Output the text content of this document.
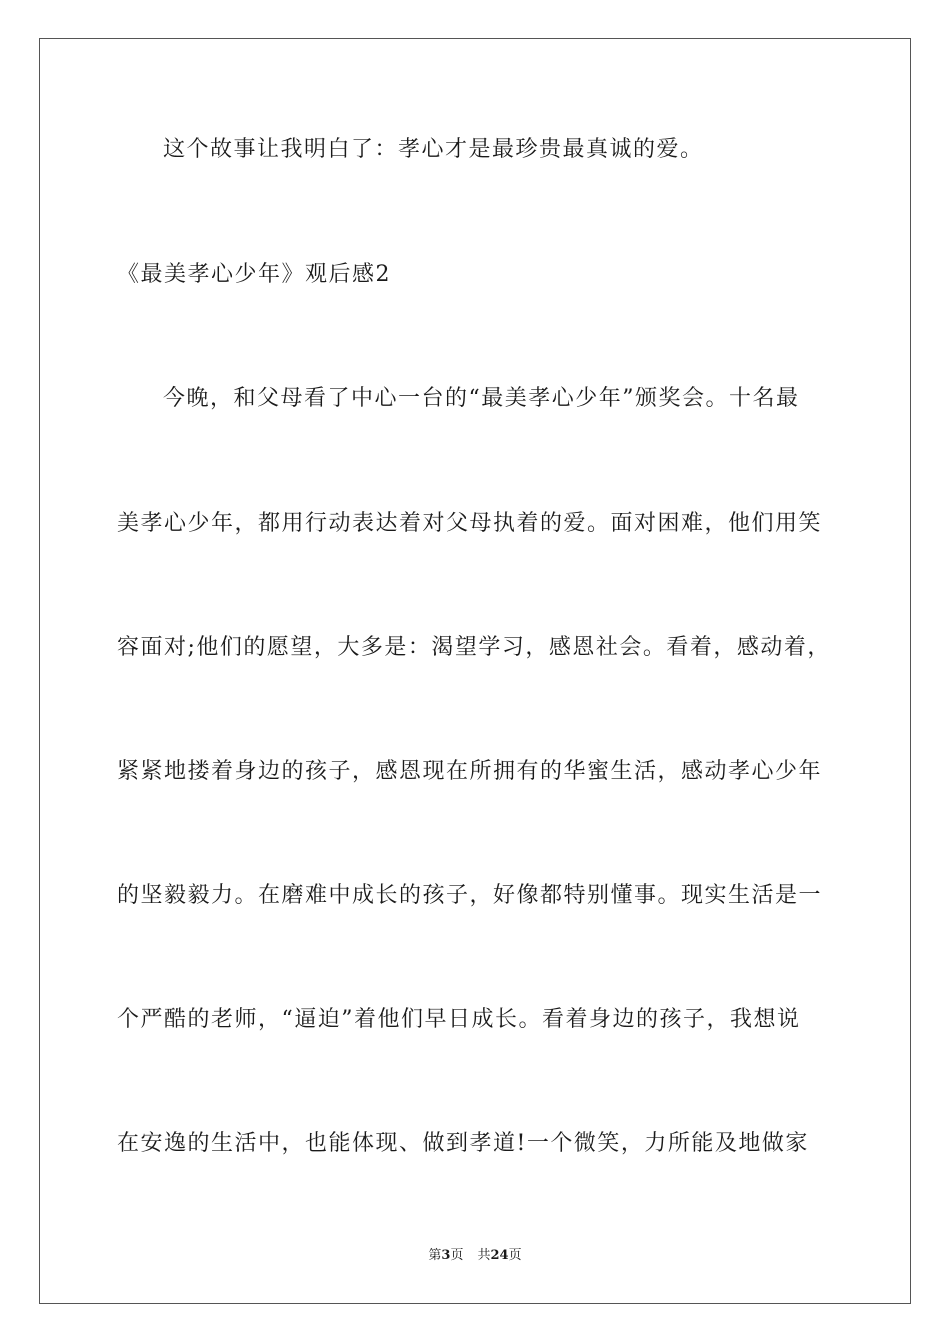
这个故事让我明白了：孝心才是最珍贵最真诚的爱。
《最美孝心少年》观后感2
今晚，和父母看了中心一台的“最美孝心少年”颁奖会。十名最
美孝心少年，都用行动表达着对父母执着的爱。面对困难，他们用笑
容面对;他们的愿望，大多是：渴望学习，感恩社会。看着，感动着，
紧紧地搂着身边的孩子，感恩现在所拥有的华蜜生活，感动孝心少年
的坚毅毅力。在磨难中成长的孩子，好像都特别懂事。现实生活是一
个严酷的老师，“逼迫”着他们早日成长。看着身边的孩子，我想说
在安逸的生活中，也能体现、做到孝道!一个微笑，力所能及地做家
第3页 共24页
